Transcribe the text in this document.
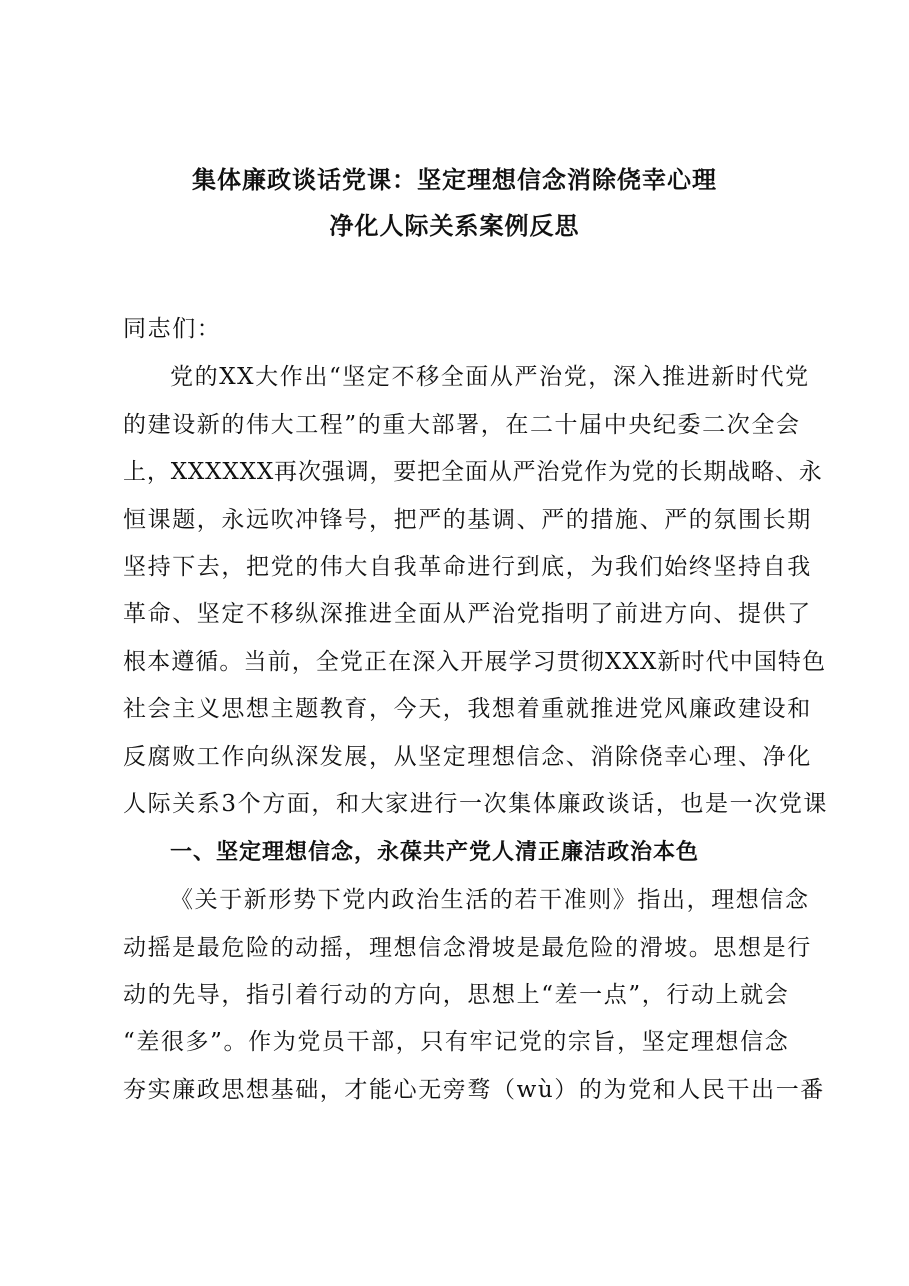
集体廉政谈话党课：坚定理想信念消除侥幸心理
净化人际关系案例反思
同志们：
党的XX大作出“坚定不移全面从严治党，深入推进新时代党
的建设新的伟大工程”的重大部署，在二十届中央纪委二次全会
上，XXXXXX再次强调，要把全面从严治党作为党的长期战略、永
恒课题，永远吹冲锋号，把严的基调、严的措施、严的氛围长期
坚持下去，把党的伟大自我革命进行到底，为我们始终坚持自我
革命、坚定不移纵深推进全面从严治党指明了前进方向、提供了
根本遵循。当前，全党正在深入开展学习贯彻XXX新时代中国特色
社会主义思想主题教育，今天，我想着重就推进党风廉政建设和
反腐败工作向纵深发展，从坚定理想信念、消除侥幸心理、净化
人际关系3个方面，和大家进行一次集体廉政谈话，也是一次党课
一、坚定理想信念，永葆共产党人清正廉洁政治本色
《关于新形势下党内政治生活的若干准则》指出，理想信念
动摇是最危险的动摇，理想信念滑坡是最危险的滑坡。思想是行
动的先导，指引着行动的方向，思想上“差一点”，行动上就会
“差很多”。作为党员干部，只有牢记党的宗旨，坚定理想信念
夯实廉政思想基础，才能心无旁骛（wù）的为党和人民干出一番
